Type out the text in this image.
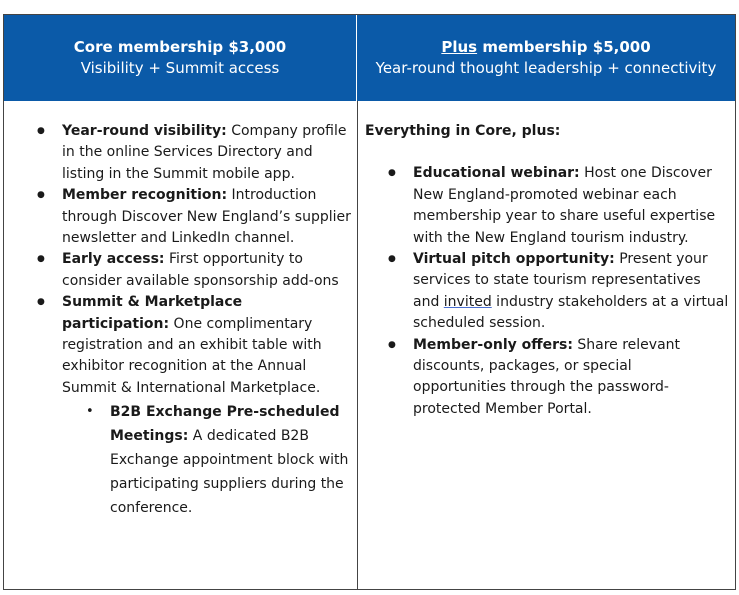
Core membership $3,000
Visibility + Summit access
Plus membership $5,000
Year-round thought leadership + connectivity
● Year-round visibility: Company profile in the online Services Directory and listing in the Summit mobile app.
● Member recognition: Introduction through Discover New England’s supplier newsletter and LinkedIn channel.
● Early access: First opportunity to consider available sponsorship add-ons
● Summit & Marketplace participation: One complimentary registration and an exhibit table with exhibitor recognition at the Annual Summit & International Marketplace.
• B2B Exchange Pre-scheduled Meetings: A dedicated B2B Exchange appointment block with participating suppliers during the conference.
Everything in Core, plus:
● Educational webinar: Host one Discover New England-promoted webinar each membership year to share useful expertise with the New England tourism industry.
● Virtual pitch opportunity: Present your services to state tourism representatives and invited industry stakeholders at a virtual scheduled session.
● Member-only offers: Share relevant discounts, packages, or special opportunities through the password-protected Member Portal.
